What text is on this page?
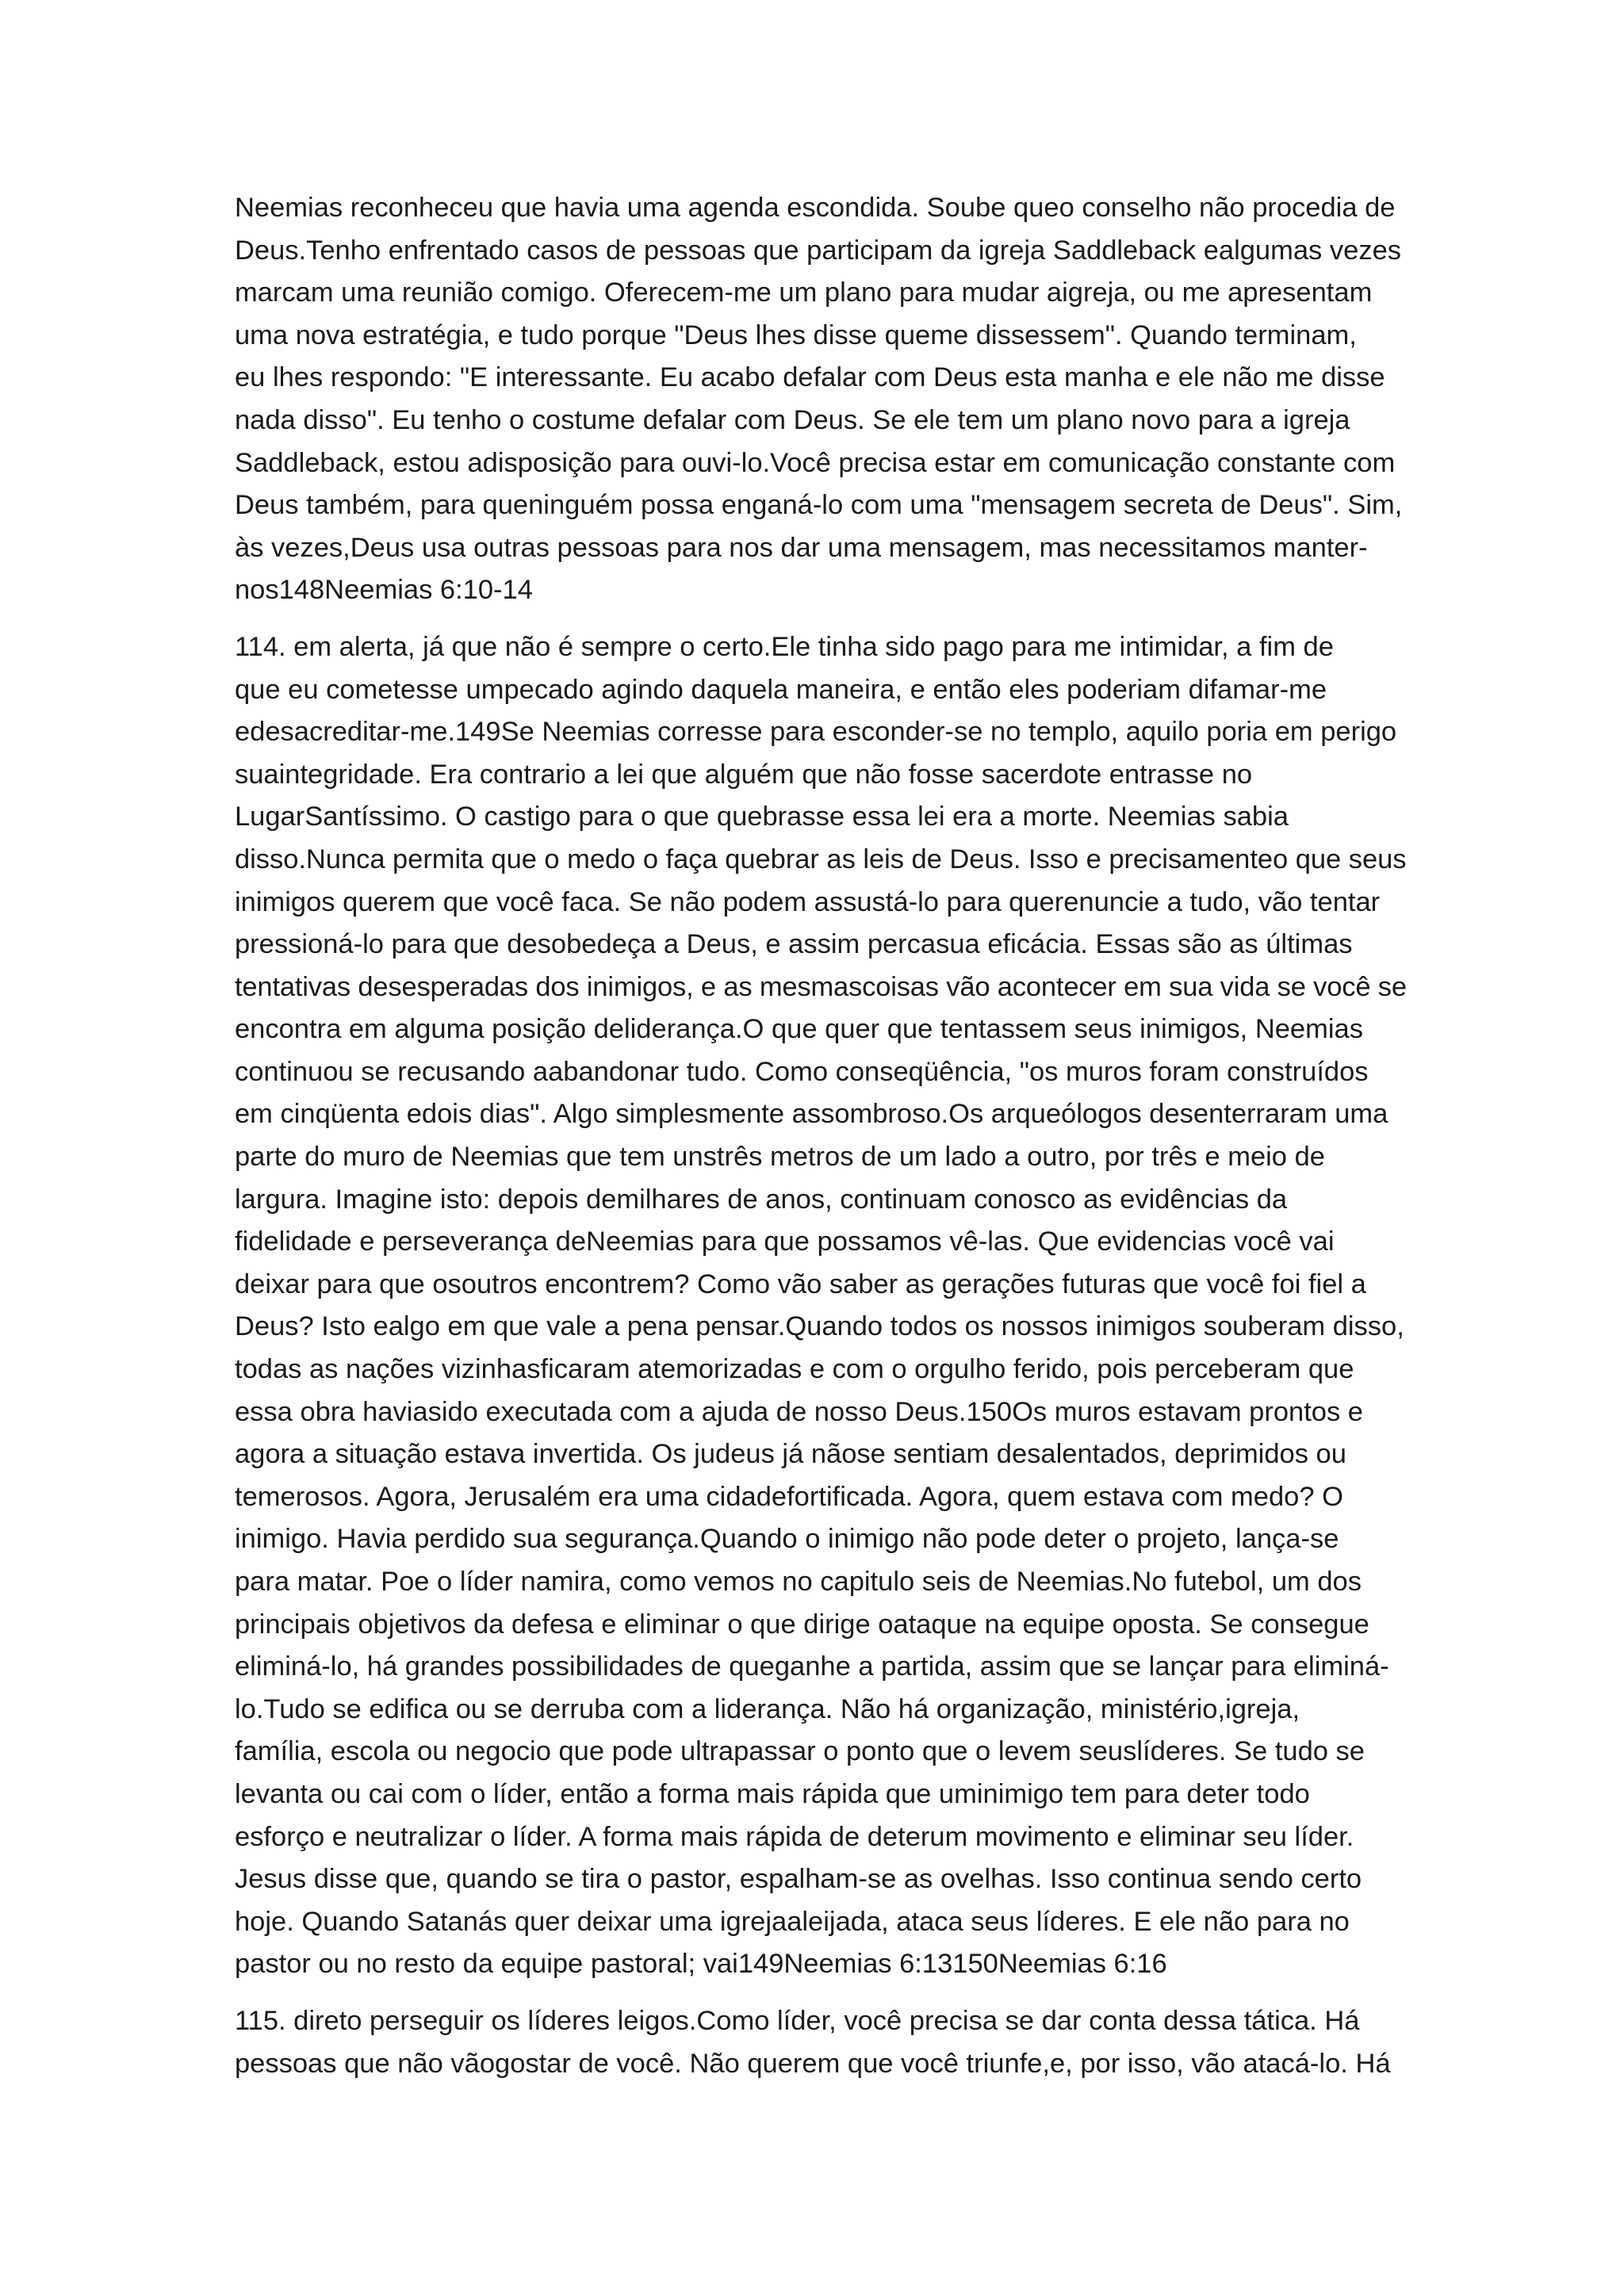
Neemias reconheceu que havia uma agenda escondida. Soube queo conselho não procedia de
Deus.Tenho enfrentado casos de pessoas que participam da igreja Saddleback ealgumas vezes
marcam uma reunião comigo. Oferecem-me um plano para mudar aigreja, ou me apresentam
uma nova estratégia, e tudo porque "Deus lhes disse queme dissessem". Quando terminam,
eu lhes respondo: "E interessante. Eu acabo defalar com Deus esta manha e ele não me disse
nada disso". Eu tenho o costume defalar com Deus. Se ele tem um plano novo para a igreja
Saddleback, estou adisposição para ouvi-lo.Você precisa estar em comunicação constante com
Deus também, para queninguém possa enganá-lo com uma "mensagem secreta de Deus". Sim,
às vezes,Deus usa outras pessoas para nos dar uma mensagem, mas necessitamos manter-
nos148Neemias 6:10-14
114. em alerta, já que não é sempre o certo.Ele tinha sido pago para me intimidar, a fim de
que eu cometesse umpecado agindo daquela maneira, e então eles poderiam difamar-me
edesacreditar-me.149Se Neemias corresse para esconder-se no templo, aquilo poria em perigo
suaintegridade. Era contrario a lei que alguém que não fosse sacerdote entrasse no
LugarSantíssimo. O castigo para o que quebrasse essa lei era a morte. Neemias sabia
disso.Nunca permita que o medo o faça quebrar as leis de Deus. Isso e precisamenteo que seus
inimigos querem que você faca. Se não podem assustá-lo para querenuncie a tudo, vão tentar
pressioná-lo para que desobedeça a Deus, e assim percasua eficácia. Essas são as últimas
tentativas desesperadas dos inimigos, e as mesmascoisas vão acontecer em sua vida se você se
encontra em alguma posição deliderança.O que quer que tentassem seus inimigos, Neemias
continuou se recusando aabandonar tudo. Como conseqüência, "os muros foram construídos
em cinqüenta edois dias". Algo simplesmente assombroso.Os arqueólogos desenterraram uma
parte do muro de Neemias que tem unstrês metros de um lado a outro, por três e meio de
largura. Imagine isto: depois demilhares de anos, continuam conosco as evidências da
fidelidade e perseverança deNeemias para que possamos vê-las. Que evidencias você vai
deixar para que osoutros encontrem? Como vão saber as gerações futuras que você foi fiel a
Deus? Isto ealgo em que vale a pena pensar.Quando todos os nossos inimigos souberam disso,
todas as nações vizinhasficaram atemorizadas e com o orgulho ferido, pois perceberam que
essa obra haviasido executada com a ajuda de nosso Deus.150Os muros estavam prontos e
agora a situação estava invertida. Os judeus já nãose sentiam desalentados, deprimidos ou
temerosos. Agora, Jerusalém era uma cidadefortificada. Agora, quem estava com medo? O
inimigo. Havia perdido sua segurança.Quando o inimigo não pode deter o projeto, lança-se
para matar. Poe o líder namira, como vemos no capitulo seis de Neemias.No futebol, um dos
principais objetivos da defesa e eliminar o que dirige oataque na equipe oposta. Se consegue
eliminá-lo, há grandes possibilidades de queganhe a partida, assim que se lançar para eliminá-
lo.Tudo se edifica ou se derruba com a liderança. Não há organização, ministério,igreja,
família, escola ou negocio que pode ultrapassar o ponto que o levem seuslíderes. Se tudo se
levanta ou cai com o líder, então a forma mais rápida que uminimigo tem para deter todo
esforço e neutralizar o líder. A forma mais rápida de deterum movimento e eliminar seu líder.
Jesus disse que, quando se tira o pastor, espalham-se as ovelhas. Isso continua sendo certo
hoje. Quando Satanás quer deixar uma igrejaaleijada, ataca seus líderes. E ele não para no
pastor ou no resto da equipe pastoral; vai149Neemias 6:13150Neemias 6:16
115. direto perseguir os líderes leigos.Como líder, você precisa se dar conta dessa tática. Há
pessoas que não vãogostar de você. Não querem que você triunfe,e, por isso, vão atacá-lo. Há
